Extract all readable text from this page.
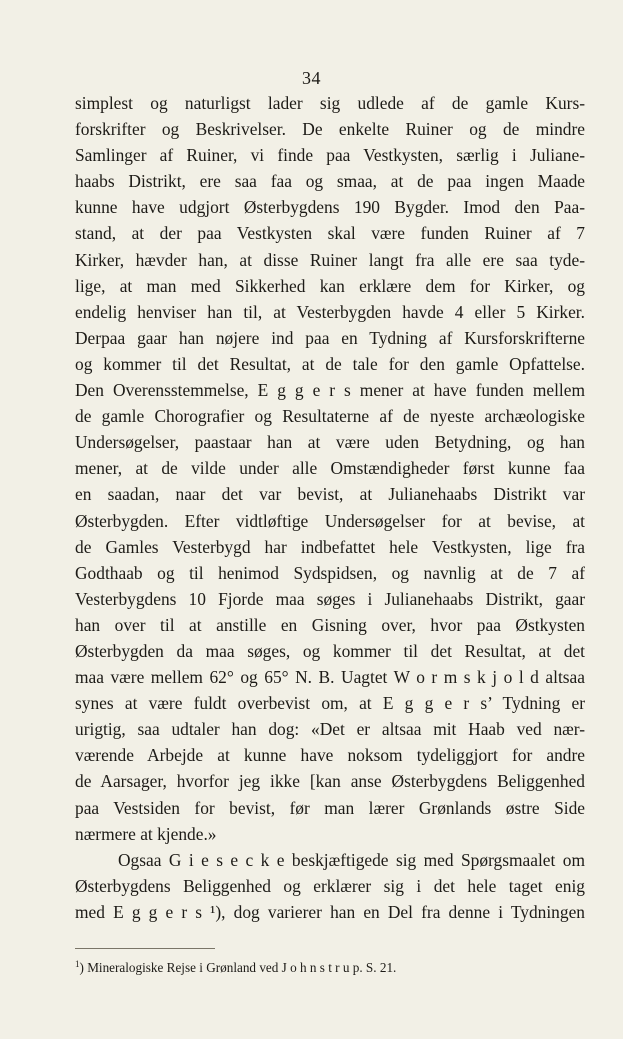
34
simplest og naturligst lader sig udlede af de gamle Kurs-
forskrifter og Beskrivelser. De enkelte Ruiner og de mindre
Samlinger af Ruiner, vi finde paa Vestkysten, særlig i Juliane-
haabs Distrikt, ere saa faa og smaa, at de paa ingen Maade
kunne have udgjort Østerbygdens 190 Bygder. Imod den Paa-
stand, at der paa Vestkysten skal være funden Ruiner af 7
Kirker, hævder han, at disse Ruiner langt fra alle ere saa tyde-
lige, at man med Sikkerhed kan erklære dem for Kirker, og
endelig henviser han til, at Vesterbygden havde 4 eller 5 Kirker.
Derpaa gaar han nøjere ind paa en Tydning af Kursforskrifterne
og kommer til det Resultat, at de tale for den gamle Opfattelse.
Den Overensstemmelse, E g g e r s mener at have funden mellem
de gamle Chorografier og Resultaterne af de nyeste archæologiske
Undersøgelser, paastaar han at være uden Betydning, og han
mener, at de vilde under alle Omstændigheder først kunne faa
en saadan, naar det var bevist, at Julianehaabs Distrikt var
Østerbygden. Efter vidtløftige Undersøgelser for at bevise, at
de Gamles Vesterbygd har indbefattet hele Vestkysten, lige fra
Godthaab og til henimod Sydspidsen, og navnlig at de 7 af
Vesterbygdens 10 Fjorde maa søges i Julianehaabs Distrikt, gaar
han over til at anstille en Gisning over, hvor paa Østkysten
Østerbygden da maa søges, og kommer til det Resultat, at det
maa være mellem 62° og 65° N. B. Uagtet W o r m s k j o l d altsaa
synes at være fuldt overbevist om, at E g g e r s’ Tydning er
urigtig, saa udtaler han dog: «Det er altsaa mit Haab ved nær-
værende Arbejde at kunne have noksom tydeliggjort for andre
de Aarsager, hvorfor jeg ikke [kan anse Østerbygdens Beliggenhed
paa Vestsiden for bevist, før man lærer Grønlands østre Side
nærmere at kjende.»
Ogsaa G i e s e c k e beskjæftigede sig med Spørgsmaalet om
Østerbygdens Beliggenhed og erklærer sig i det hele taget enig
med E g g e r s ¹), dog varierer han en Del fra denne i Tydningen
$^1$) Mineralogiske Rejse i Grønland ved J o h n s t r u p. S. 21.
